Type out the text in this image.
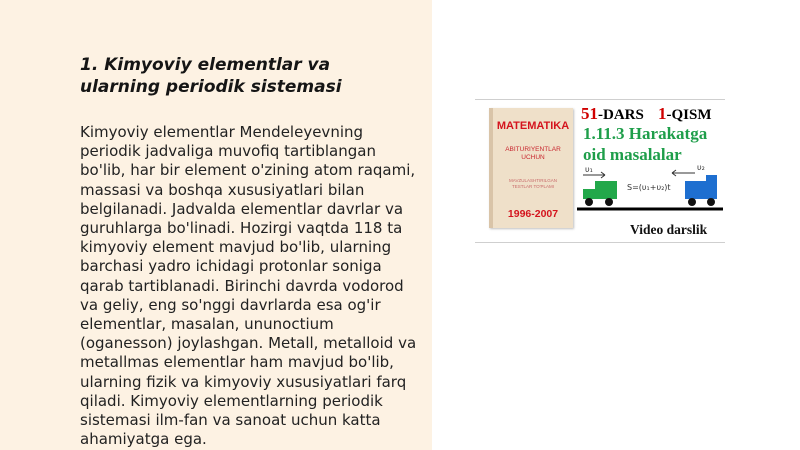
1. Kimyoviy elementlar va ularning periodik sistemasi

Kimyoviy elementlar Mendeleyevning periodik jadvaliga muvofiq tartiblangan bo'lib, har bir element o'zining atom raqami, massasi va boshqa xususiyatlari bilan belgilanadi. Jadvalda elementlar davrlar va guruhlarga bo'linadi. Hozirgi vaqtda 118 ta kimyoviy element mavjud bo'lib, ularning barchasi yadro ichidagi protonlar soniga qarab tartiblanadi. Birinchi davrda vodorod va geliy, eng so'nggi davrlarda esa og'ir elementlar, masalan, ununoctium (oganesson) joylashgan. Metall, metalloid va metallmas elementlar ham mavjud bo'lib, ularning fizik va kimyoviy xususiyatlari farq qiladi. Kimyoviy elementlarning periodik sistemasi ilm-fan va sanoat uchun katta ahamiyatga ega.

MATEMATIKA
ABITURIYENTLAR UCHUN
MAVZULASHTIRILGAN TESTLAR TO'PLAMI
1996-2007
51-DARS 1-QISM
1.11.3 Harakatga
oid masalalar
υ₁	υ₂
S=(υ₁+υ₂)t
Video darslik
